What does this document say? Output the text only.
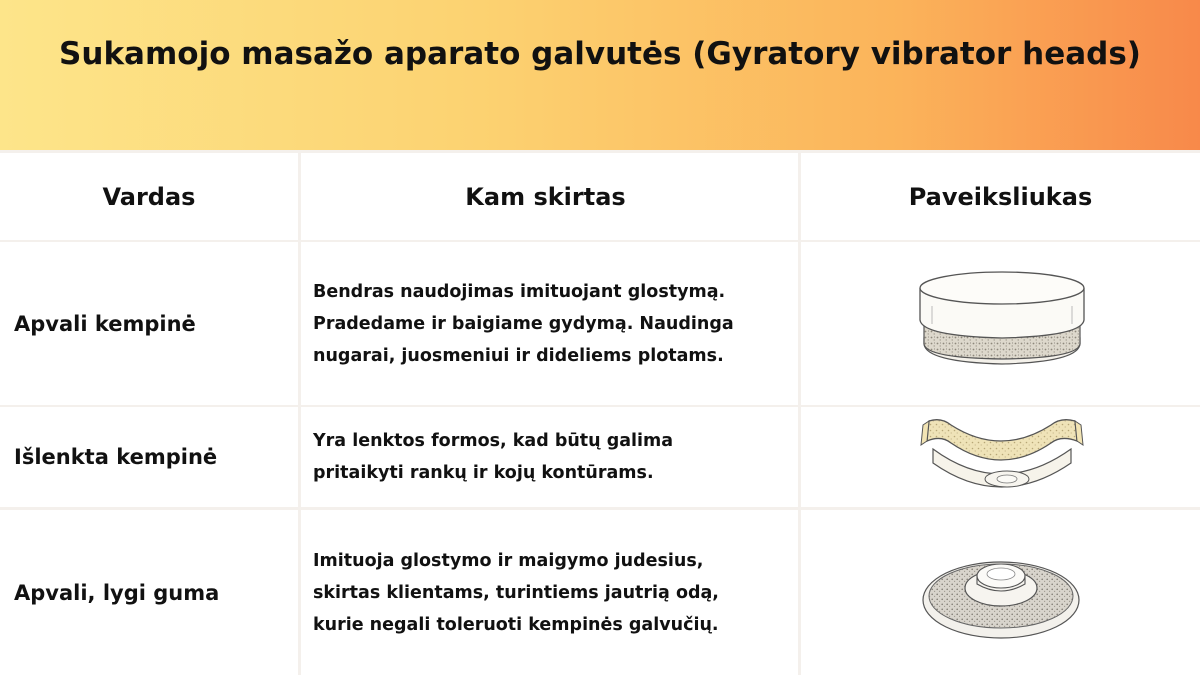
Sukamojo masažo aparato galvutės (Gyratory vibrator heads)
Vardas	Kam skirtas	Paveiksliukas
Apvali kempinė
Bendras naudojimas imituojant glostymą.
Pradedame ir baigiame gydymą. Naudinga
nugarai, juosmeniui ir dideliems plotams.
Išlenkta kempinė
Yra lenktos formos, kad būtų galima
pritaikyti rankų ir kojų kontūrams.
Apvali, lygi guma
Imituoja glostymo ir maigymo judesius,
skirtas klientams, turintiems jautrią odą,
kurie negali toleruoti kempinės galvučių.
